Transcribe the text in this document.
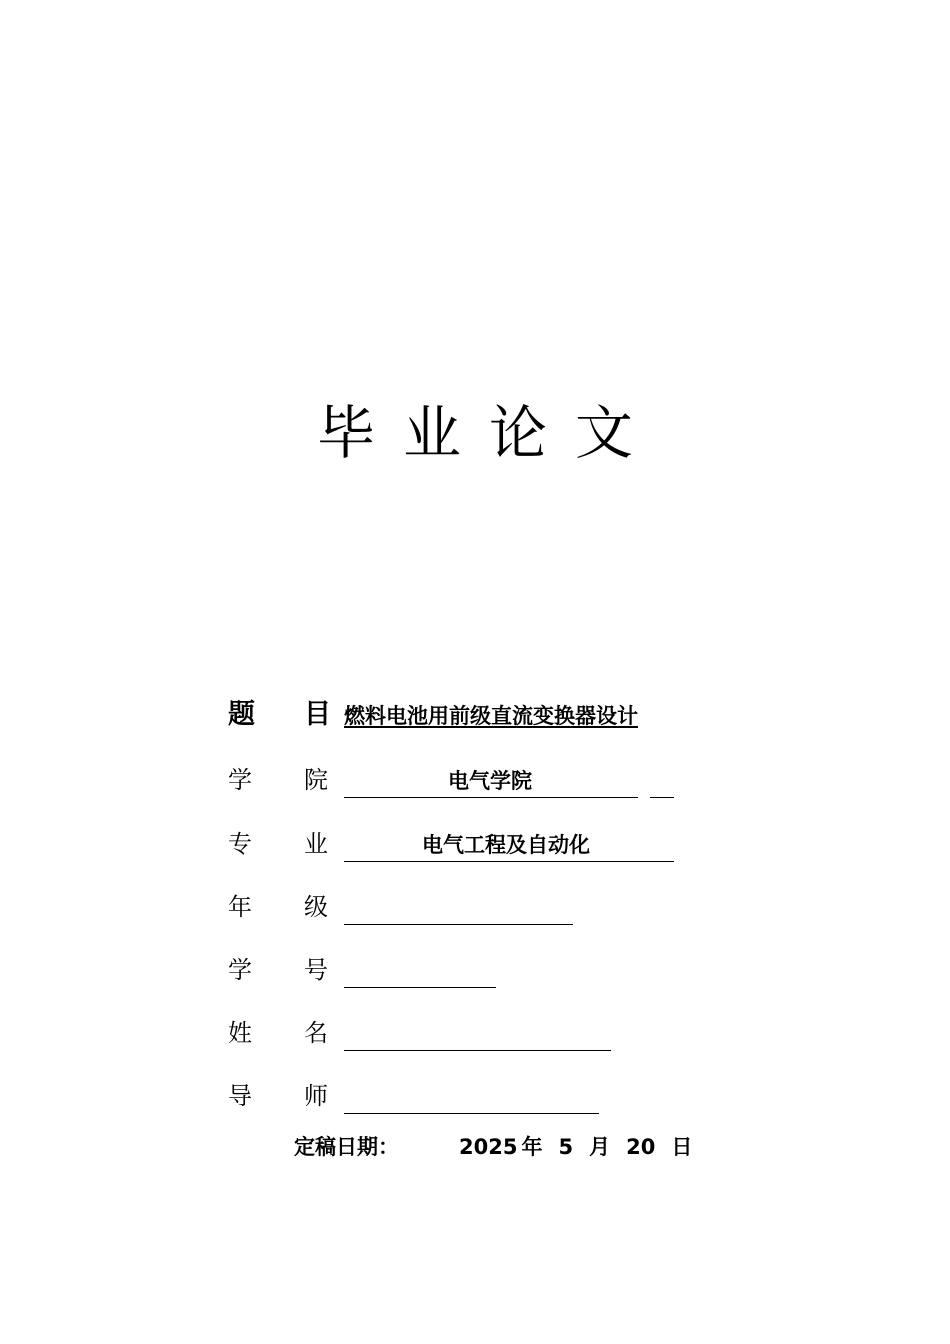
毕业论文
题 目 燃料电池用前级直流变换器设计
学 院	电气学院
专 业	电气工程及自动化
年 级
学 号
姓 名
导 师
定稿日期：	2025 年 5 月 20 日
